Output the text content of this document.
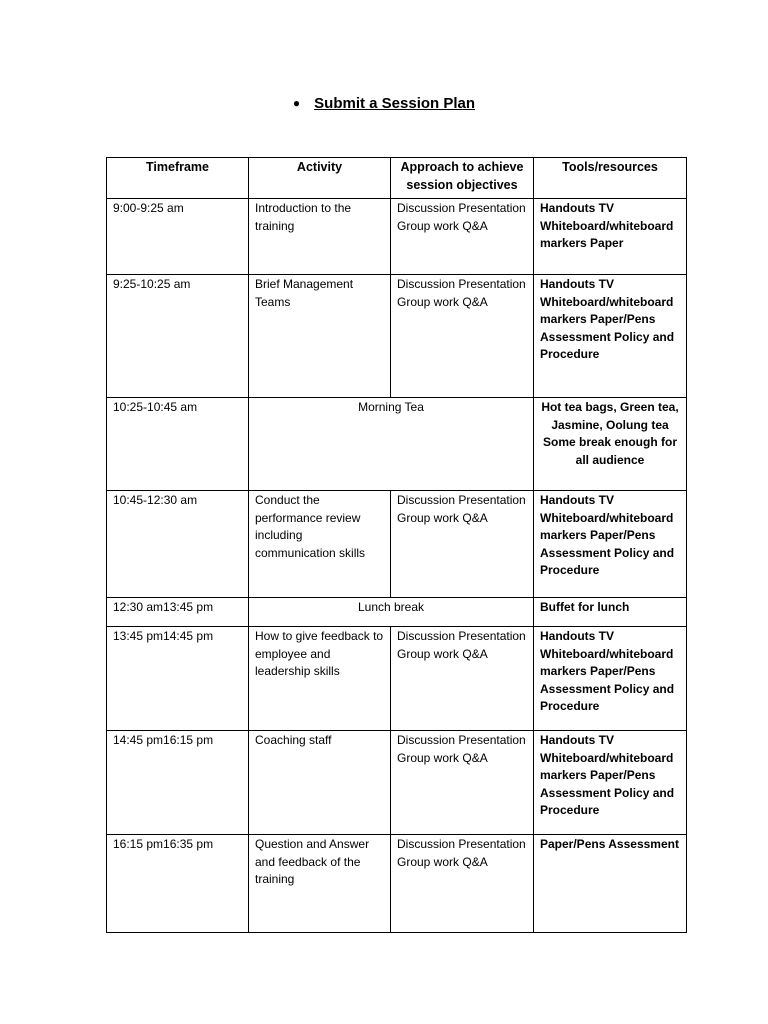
● Submit a Session Plan
Timeframe	Activity	Approach to achieve session objectives	Tools/resources
9:00-9:25 am	Introduction to the training	Discussion Presentation Group work Q&A	Handouts TV Whiteboard/whiteboard markers Paper
9:25-10:25 am	Brief Management Teams	Discussion Presentation Group work Q&A	Handouts TV Whiteboard/whiteboard markers Paper/Pens Assessment Policy and Procedure
10:25-10:45 am	Morning Tea		Hot tea bags, Green tea, Jasmine, Oolung tea Some break enough for all audience
10:45-12:30 am	Conduct the performance review including communication skills	Discussion Presentation Group work Q&A	Handouts TV Whiteboard/whiteboard markers Paper/Pens Assessment Policy and Procedure
12:30 am13:45 pm	Lunch break		Buffet for lunch
13:45 pm14:45 pm	How to give feedback to employee and leadership skills	Discussion Presentation Group work Q&A	Handouts TV Whiteboard/whiteboard markers Paper/Pens Assessment Policy and Procedure
14:45 pm16:15 pm	Coaching staff	Discussion Presentation Group work Q&A	Handouts TV Whiteboard/whiteboard markers Paper/Pens Assessment Policy and Procedure
16:15 pm16:35 pm	Question and Answer and feedback of the training	Discussion Presentation Group work Q&A	Paper/Pens Assessment
